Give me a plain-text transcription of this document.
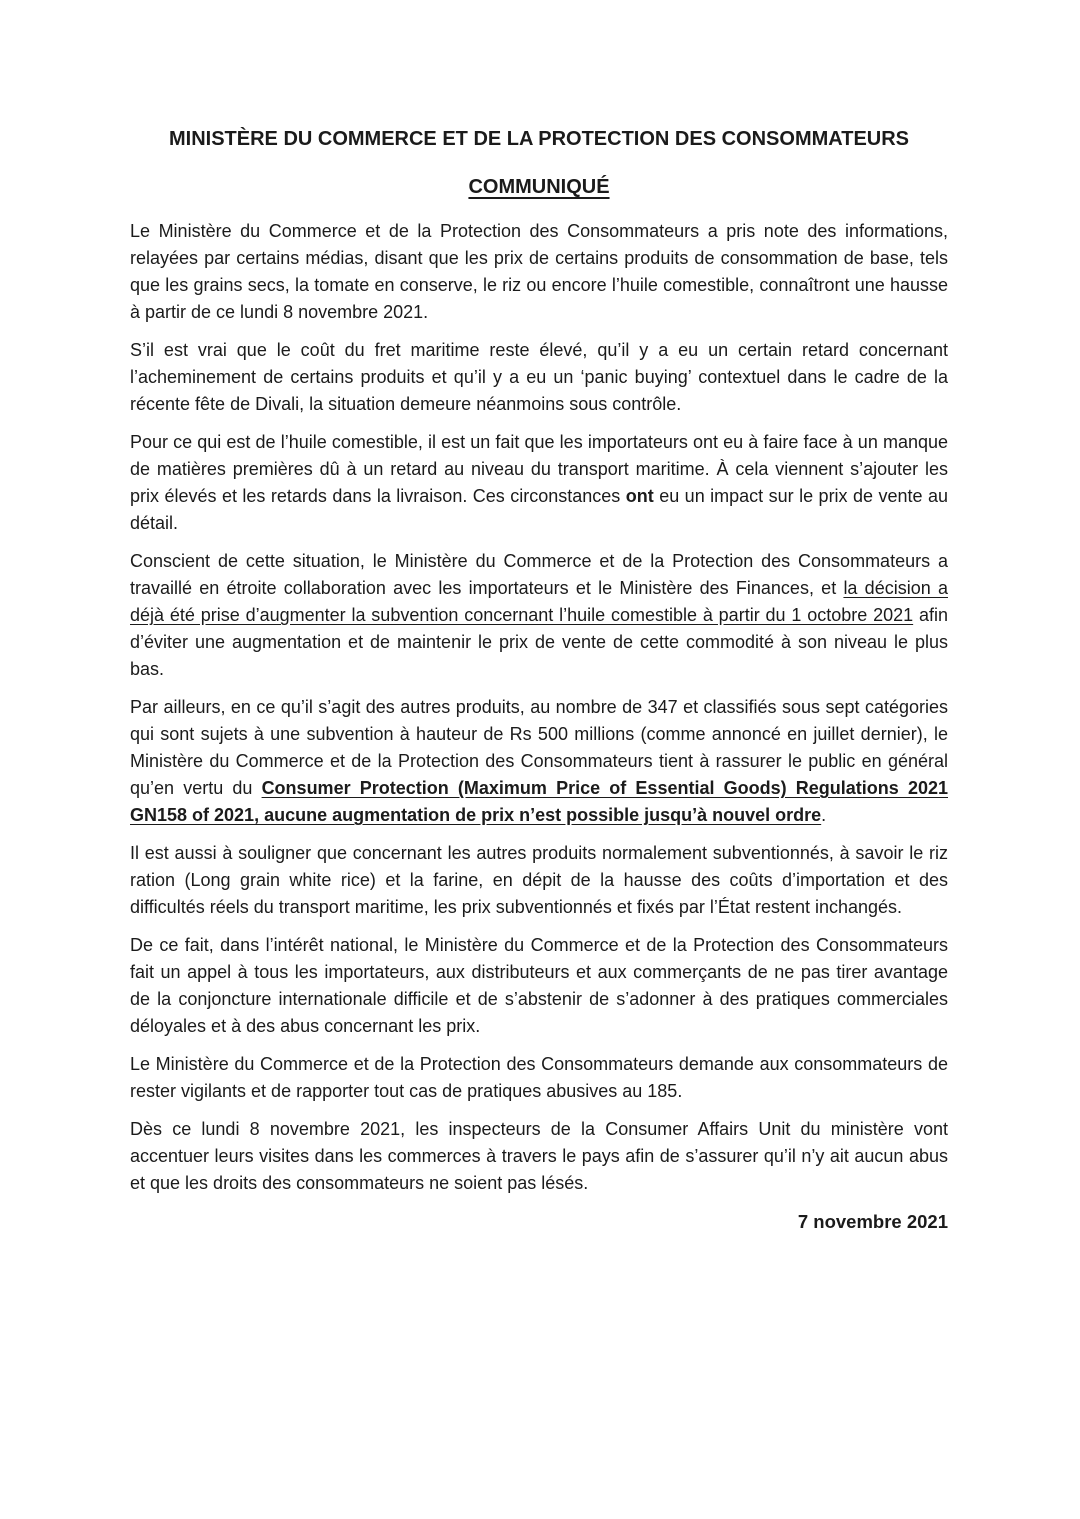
MINISTÈRE DU COMMERCE ET DE LA PROTECTION DES CONSOMMATEURS
COMMUNIQUÉ

Le Ministère du Commerce et de la Protection des Consommateurs a pris note des informations, relayées par certains médias, disant que les prix de certains produits de consommation de base, tels que les grains secs, la tomate en conserve, le riz ou encore l’huile comestible, connaîtront une hausse à partir de ce lundi 8 novembre 2021.

S’il est vrai que le coût du fret maritime reste élevé, qu’il y a eu un certain retard concernant l’acheminement de certains produits et qu’il y a eu un ‘panic buying’ contextuel dans le cadre de la récente fête de Divali, la situation demeure néanmoins sous contrôle.

Pour ce qui est de l’huile comestible, il est un fait que les importateurs ont eu à faire face à un manque de matières premières dû à un retard au niveau du transport maritime. À cela viennent s’ajouter les prix élevés et les retards dans la livraison. Ces circonstances ont eu un impact sur le prix de vente au détail.

Conscient de cette situation, le Ministère du Commerce et de la Protection des Consommateurs a travaillé en étroite collaboration avec les importateurs et le Ministère des Finances, et la décision a déjà été prise d’augmenter la subvention concernant l’huile comestible à partir du 1 octobre 2021 afin d’éviter une augmentation et de maintenir le prix de vente de cette commodité à son niveau le plus bas.

Par ailleurs, en ce qu’il s’agit des autres produits, au nombre de 347 et classifiés sous sept catégories qui sont sujets à une subvention à hauteur de Rs 500 millions (comme annoncé en juillet dernier), le Ministère du Commerce et de la Protection des Consommateurs tient à rassurer le public en général qu’en vertu du Consumer Protection (Maximum Price of Essential Goods) Regulations 2021 GN158 of 2021, aucune augmentation de prix n’est possible jusqu’à nouvel ordre.

Il est aussi à souligner que concernant les autres produits normalement subventionnés, à savoir le riz ration (Long grain white rice) et la farine, en dépit de la hausse des coûts d’importation et des difficultés réels du transport maritime, les prix subventionnés et fixés par l’État restent inchangés.

De ce fait, dans l’intérêt national, le Ministère du Commerce et de la Protection des Consommateurs fait un appel à tous les importateurs, aux distributeurs et aux commerçants de ne pas tirer avantage de la conjoncture internationale difficile et de s’abstenir de s’adonner à des pratiques commerciales déloyales et à des abus concernant les prix.

Le Ministère du Commerce et de la Protection des Consommateurs demande aux consommateurs de rester vigilants et de rapporter tout cas de pratiques abusives au 185.

Dès ce lundi 8 novembre 2021, les inspecteurs de la Consumer Affairs Unit du ministère vont accentuer leurs visites dans les commerces à travers le pays afin de s’assurer qu’il n’y ait aucun abus et que les droits des consommateurs ne soient pas lésés.

7 novembre 2021
